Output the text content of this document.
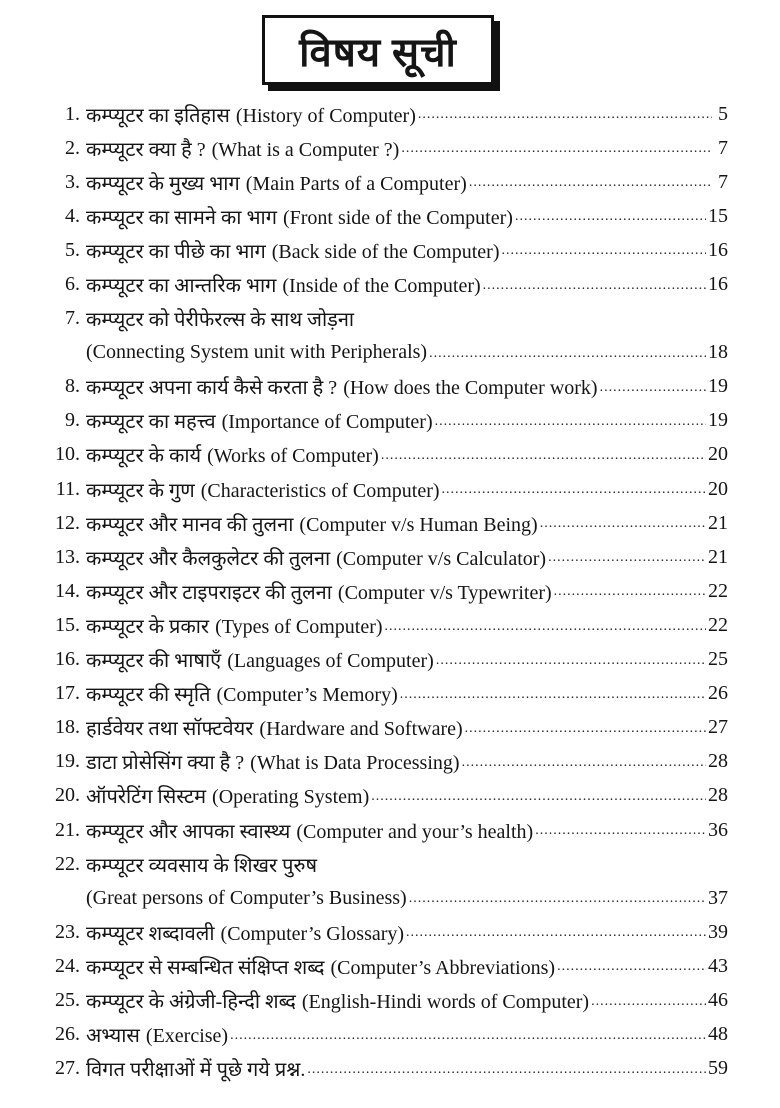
विषय सूची
1. कम्प्यूटर का इतिहास (History of Computer) .....	5
2. कम्प्यूटर क्या है ? (What is a Computer ?) .....	7
3. कम्प्यूटर के मुख्य भाग (Main Parts of a Computer) .....	7
4. कम्प्यूटर का सामने का भाग (Front side of the Computer) .....	15
5. कम्प्यूटर का पीछे का भाग (Back side of the Computer) .....	16
6. कम्प्यूटर का आन्तरिक भाग (Inside of the Computer) .....	16
7. कम्प्यूटर को पेरीफेरल्स के साथ जोड़ना
(Connecting System unit with Peripherals) .....	18
8. कम्प्यूटर अपना कार्य कैसे करता है ? (How does the Computer work) .....	19
9. कम्प्यूटर का महत्त्व (Importance of Computer) .....	19
10. कम्प्यूटर के कार्य (Works of Computer) .....	20
11. कम्प्यूटर के गुण (Characteristics of Computer) .....	20
12. कम्प्यूटर और मानव की तुलना (Computer v/s Human Being) .....	21
13. कम्प्यूटर और कैलकुलेटर की तुलना (Computer v/s Calculator) .....	21
14. कम्प्यूटर और टाइपराइटर की तुलना (Computer v/s Typewriter) .....	22
15. कम्प्यूटर के प्रकार (Types of Computer) .....	22
16. कम्प्यूटर की भाषाएँ (Languages of Computer) .....	25
17. कम्प्यूटर की स्मृति (Computer’s Memory) .....	26
18. हार्डवेयर तथा सॉफ्टवेयर (Hardware and Software) .....	27
19. डाटा प्रोसेसिंग क्या है ? (What is Data Processing) .....	28
20. ऑपरेटिंग सिस्टम (Operating System) .....	28
21. कम्प्यूटर और आपका स्वास्थ्य (Computer and your’s health) .....	36
22. कम्प्यूटर व्यवसाय के शिखर पुरुष
(Great persons of Computer’s Business) .....	37
23. कम्प्यूटर शब्दावली (Computer’s Glossary) .....	39
24. कम्प्यूटर से सम्बन्धित संक्षिप्त शब्द (Computer’s Abbreviations) .....	43
25. कम्प्यूटर के अंग्रेजी-हिन्दी शब्द (English-Hindi words of Computer) .....	46
26. अभ्यास (Exercise) .....	48
27. विगत परीक्षाओं में पूछे गये प्रश्न. .....	59
